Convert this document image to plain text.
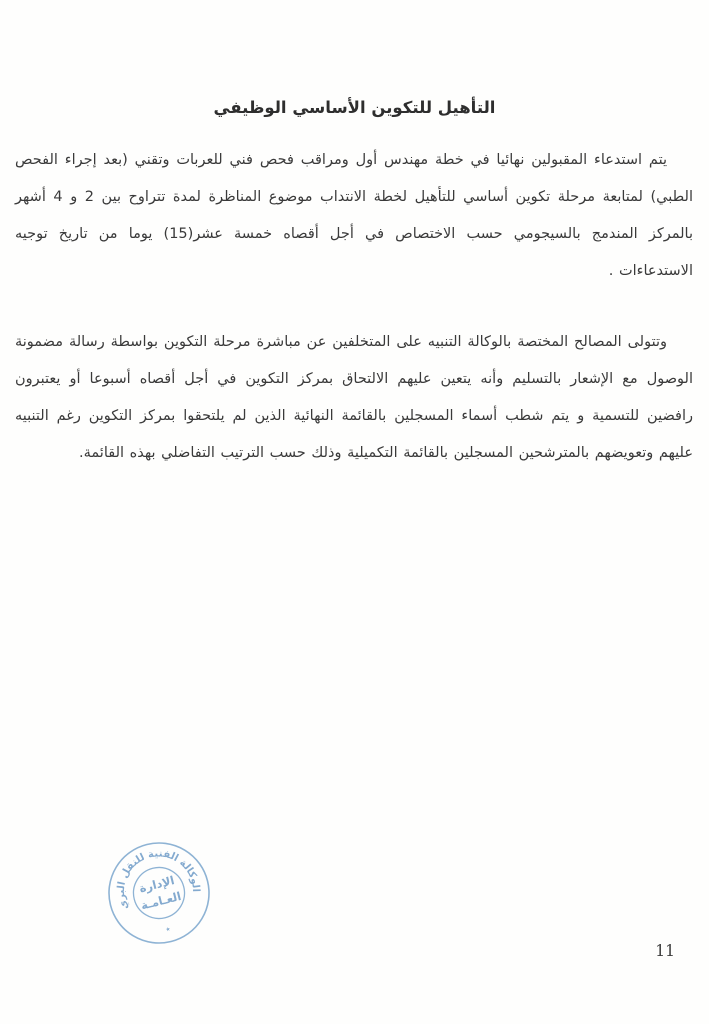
التأهيل للتكوين الأساسي الوظيفي

يتم استدعاء المقبولين نهائيا في خطة مهندس أول ومراقب فحص فني للعربات وتقني (بعد إجراء الفحص الطبي) لمتابعة مرحلة تكوين أساسي للتأهيل لخطة الانتداب موضوع المناظرة لمدة تتراوح بين 2 و 4 أشهر بالمركز المندمج بالسيجومي حسب الاختصاص في أجل أقصاه خمسة عشر(15) يوما من تاريخ توجيه الاستدعاءات .

وتتولى المصالح المختصة بالوكالة التنبيه على المتخلفين عن مباشرة مرحلة التكوين بواسطة رسالة مضمونة الوصول مع الإشعار بالتسليم وأنه يتعين عليهم الالتحاق بمركز التكوين في أجل أقصاه أسبوعا أو يعتبرون رافضين للتسمية و يتم شطب أسماء المسجلين بالقائمة النهائية الذين لم يلتحقوا بمركز التكوين رغم التنبيه عليهم وتعويضهم بالمترشحين المسجلين بالقائمة التكميلية وذلك حسب الترتيب التفاضلي بهذه القائمة.

الوكالة الفنية للنقل البري
الإدارة
العـامـة
٭
11
